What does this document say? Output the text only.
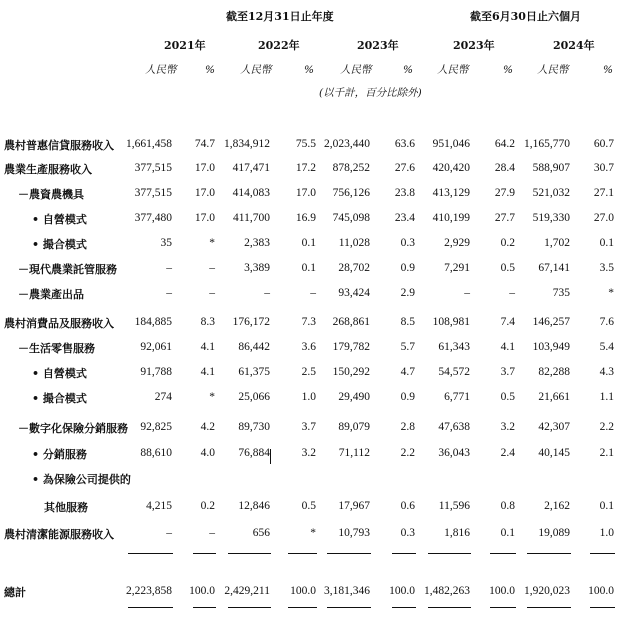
截至12月31日止年度	截至6月30日止六個月
2021年	2022年	2023年	2023年	2024年
人民幣	% 人民幣	% 人民幣	% 人民幣	% 人民幣	%
(以千計，百分比除外)
農村普惠信貸服務收入 1,661,458 74.7 1,834,912 75.5 2,023,440 63.6 951,046 64.2 1,165,770 60.7
農業生產服務收入	377,515 17.0 417,471 17.2 878,252 27.6 420,420 28.4 588,907 30.7
－農資農機具	377,515 17.0 414,083 17.0 756,126 23.8 413,129 27.9 521,032 27.1
• 自營模式	377,480 17.0 411,700 16.9 745,098 23.4 410,199 27.7 519,330 27.0
• 撮合模式	35	*	2,383	0.1 11,028	0.3	2,929	0.2	1,702	0.1
－現代農業託管服務	–	–	3,389	0.1 28,702	0.9	7,291	0.5 67,141	3.5
－農業產出品	–	–	–	– 93,424	2.9	–	–	735	*
農村消費品及服務收入 184,885 8.3 176,172	7.3 268,861	8.5 108,981	7.4 146,257	7.6
－生活零售服務	92,061 4.1 86,442	3.6 179,782	5.7 61,343	4.1 103,949	5.4
• 自營模式	91,788 4.1 61,375	2.5 150,292	4.7 54,572	3.7 82,288	4.3
• 撮合模式	274	* 25,066	1.0 29,490	0.9	6,771	0.5 21,661	1.1
－數字化保險分銷服務 92,825 4.2 89,730	3.7 89,079	2.8 47,638	3.2 42,307	2.2
• 分銷服務	88,610 4.0 76,884	3.2 71,112	2.2 36,043	2.4 40,145	2.1
• 為保險公司提供的
其他服務	4,215 0.2 12,846	0.5 17,967	0.6 11,596	0.8	2,162	0.1
農村清潔能源服務收入	–	–	656	* 10,793	0.3	1,816	0.1 19,089	1.0
總計	2,223,858 100.0 2,429,211 100.0 3,181,346 100.0 1,482,263 100.0 1,920,023 100.0
